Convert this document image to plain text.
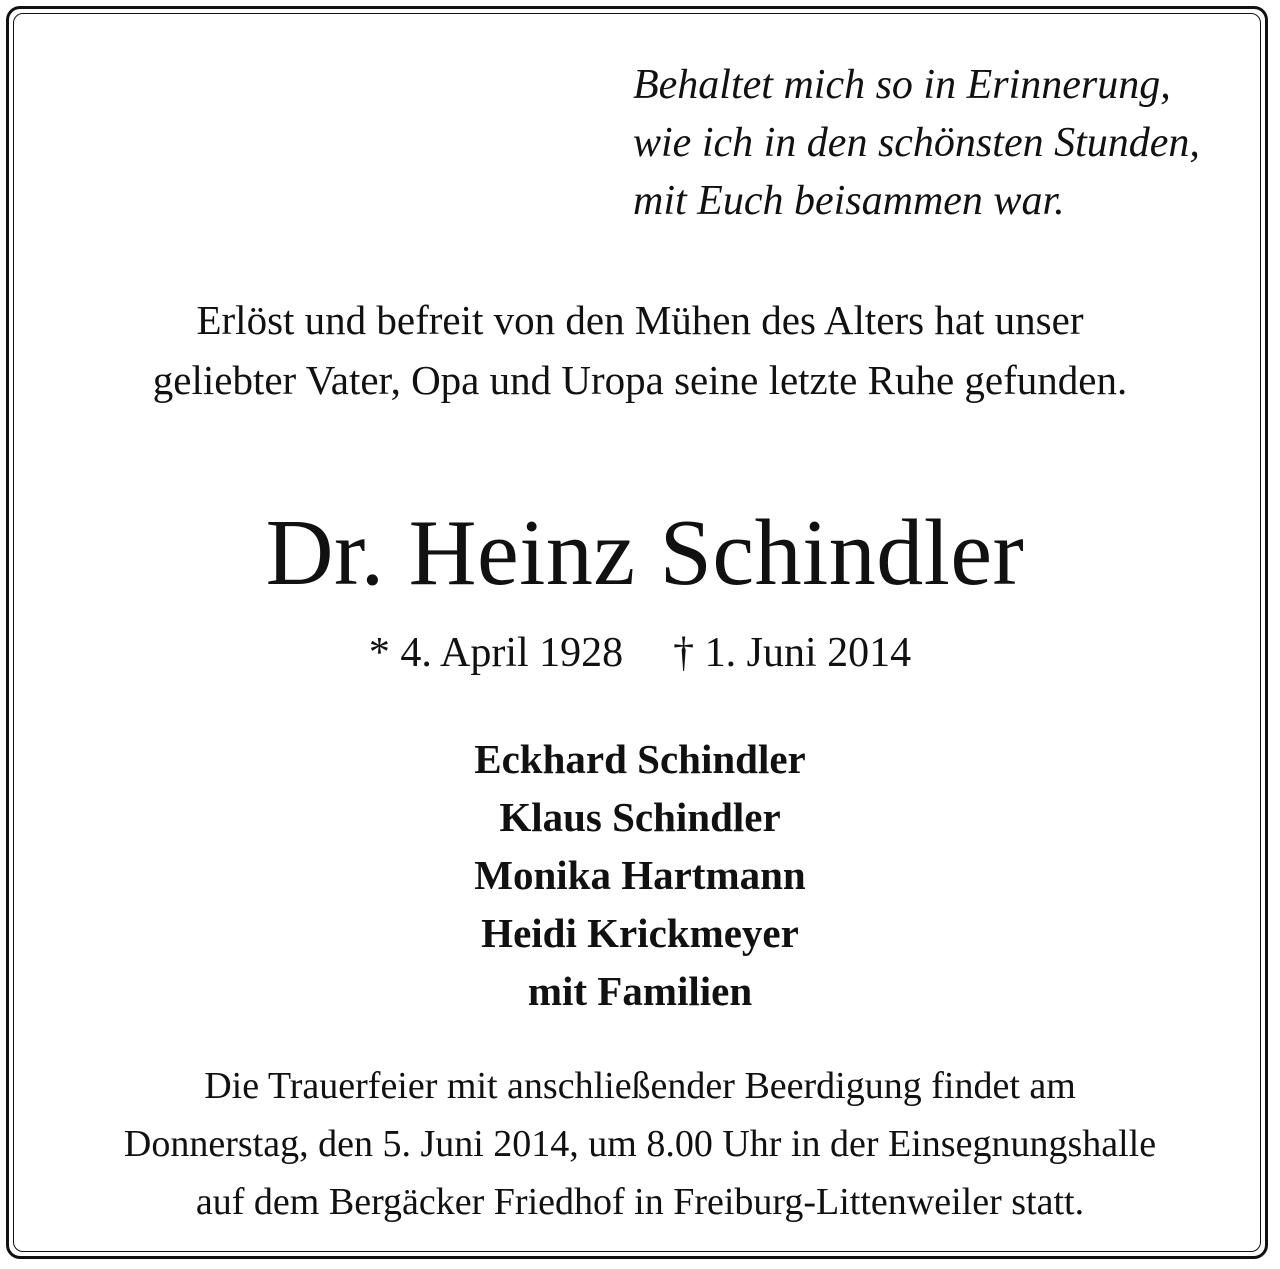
Behaltet mich so in Erinnerung,
wie ich in den schönsten Stunden,
mit Euch beisammen war.
Erlöst und befreit von den Mühen des Alters hat unser
geliebter Vater, Opa und Uropa seine letzte Ruhe gefunden.
Dr. Heinz Schindler
* 4. April 1928 † 1. Juni 2014
Eckhard Schindler
Klaus Schindler
Monika Hartmann
Heidi Krickmeyer
mit Familien
Die Trauerfeier mit anschließender Beerdigung findet am
Donnerstag, den 5. Juni 2014, um 8.00 Uhr in der Einsegnungshalle
auf dem Bergäcker Friedhof in Freiburg-Littenweiler statt.
